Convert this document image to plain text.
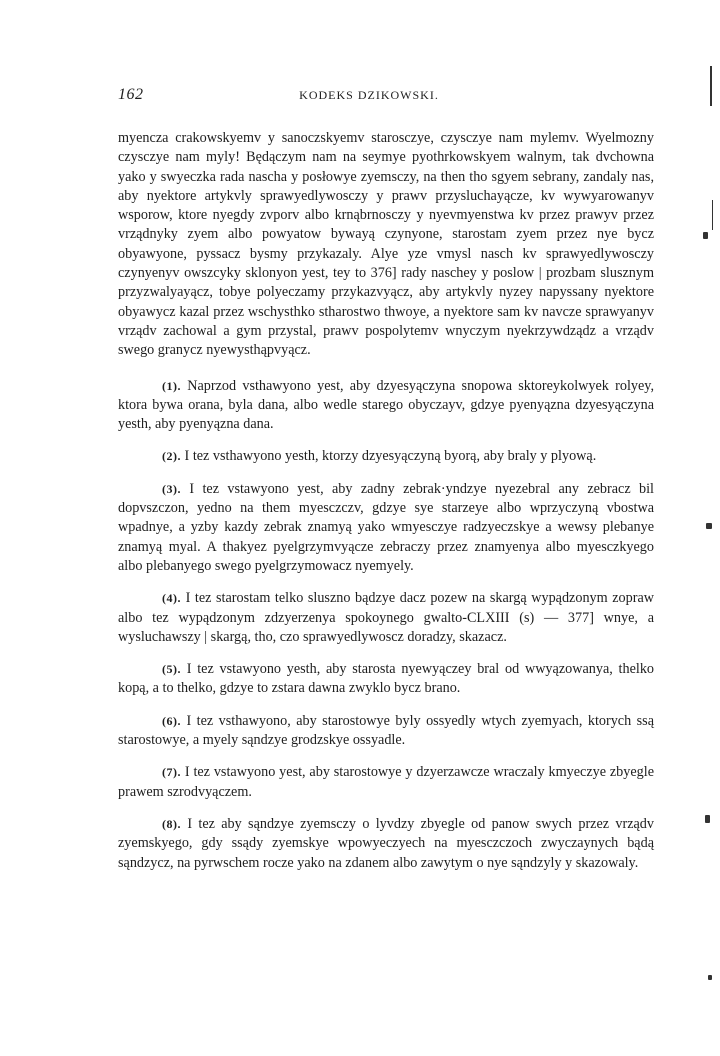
162	KODEKS DZIKOWSKI.

myencza crakowskyemv y sanoczskyemv starosczye, czysczye nam mylemv. Wyelmozny czysczye nam myly! Będączym nam na seymye pyothrkowskyem walnym, tak dvchowna yako y swyeczka rada nascha y posłowye zyemsczy, na then tho sgyem sebrany, zandaly nas, aby nyektore artykvly sprawyedlywosczy y prawv przysluchayącze, kv wywyarowanyv wsporow, ktore nyegdy zvporv albo krnąbrnosczy y nyevmyenstwa kv przez prawyv przez vrządnyky zyem albo powyatow bywayą czynyone, starostam zyem przez nye bycz obyawyone, pyssacz bysmy przykazaly. Alye yze vmysl nasch kv sprawyedlywosczy czynyenyv owszcyky sklonyon yest, tey to 376] rady naschey y poslow | prozbam slusznym przyzwalyayącz, tobye polyeczamy przykazvyącz, aby artykvly nyzey napyssany nyektore obyawycz kazal przez wschysthko stharostwo thwoye, a nyektore sam kv navcze sprawyanyv vrządv zachowal a gym przystal, prawv pospolytemv wnyczym nyekrzywdządz a vrządv swego granycz nyewysthąpvyącz.

(1). Naprzod vsthawyono yest, aby dzyesyączyna snopowa sktoreykolwyek rolyey, ktora bywa orana, byla dana, albo wedle starego obyczayv, gdzye pyenyązna dzyesyączyna yesth, aby pyenyązna dana.

(2). I tez vsthawyono yesth, ktorzy dzyesyączyną byorą, aby braly y plyową.

(3). I tez vstawyono yest, aby zadny zebrak·yndzye nyezebral any zebracz bil dopvszczon, yedno na them myesczczv, gdzye sye starzeye albo wprzyczyną vbostwa wpadnye, a yzby kazdy zebrak znamyą yako wmyesczye radzyeczskye a wewsy plebanye znamyą myal. A thakyez pyelgrzymvyącze zebraczy przez znamyenya albo myesczkyego albo plebanyego swego pyelgrzymowacz nyemyely.

(4). I tez starostam telko sluszno bądzye dacz pozew na skargą wypądzonym zopraw albo tez wypądzonym zdzyerzenya spokoynego gwalto-CLXIII (s) — 377] wnye, a wysluchawszy | skargą, tho, czo sprawyedlywoscz doradzy, skazacz.

(5). I tez vstawyono yesth, aby starosta nyewyączey bral od wwyązowanya, thelko kopą, a to thelko, gdzye to zstara dawna zwyklo bycz brano.

(6). I tez vsthawyono, aby starostowye byly ossyedly wtych zyemyach, ktorych ssą starostowye, a myely sąndzye grodzskye ossyadle.

(7). I tez vstawyono yest, aby starostowye y dzyerzawcze wraczaly kmyeczye zbyegle prawem szrodvyączem.

(8). I tez aby sąndzye zyemsczy o lyvdzy zbyegle od panow swych przez vrządv zyemskyego, gdy ssądy zyemskye wpowyeczyech na myesczczoch zwyczaynych bądą sąndzycz, na pyrwschem rocze yako na zdanem albo zawytym o nye sąndzyly y skazowaly.
